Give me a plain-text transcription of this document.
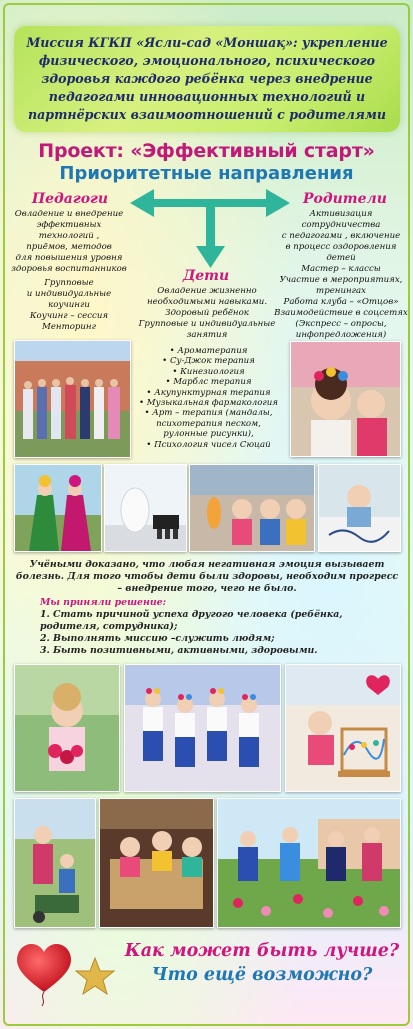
Миссия КГКП «Ясли-сад «Моншақ»: укрепление физического, эмоционального, психического здоровья каждого ребёнка через внедрение педагогами инновационных технологий и партнёрских взаимоотношений с родителями
Проект: «Эффективный старт»
Приоритетные направления
Педагоги

Овладение и внедрение

эффективных

технологий ,

приёмов, методов

для повышения уровня

здоровья воспитанников

Групповые

и индивидуальные

коучинги

Коучинг – сессия

Менторинг

Родители

Активизация

сотрудничества

с педагогами , включение

в процесс оздоровления

детей

Мастер – классы

Участие в мероприятиях,

тренингах

Работа клуба – «Отцов»

Взаимодействие в соцсетях

(Экспресс – опросы,

инфопредложения)

Дети

Овладение жизненно

необходимыми навыками.

Здоровый ребёнок

Групповые и индивидуальные

занятия

• Ароматерапия
• Су-Джок терапия
• Кинезиология
• Марблс терапия
• Акупунктурная терапия
• Музыкальная фармакология
• Арт – терапия (мандалы,
психотерапия песком,
рулонные рисунки),
• Психология чисел Сюцай
Учёными доказано, что любая негативная эмоция вызывает болезнь. Для того чтобы дети были здоровы, необходим прогресс – внедрение того, чего не было.
Мы приняли решение:
1. Стать причиной успеха другого человека (ребёнка, родителя, сотрудника);
2. Выполнять миссию –служить людям;
3. Быть позитивными, активными, здоровыми.
Как может быть лучше?
Что ещё возможно?
